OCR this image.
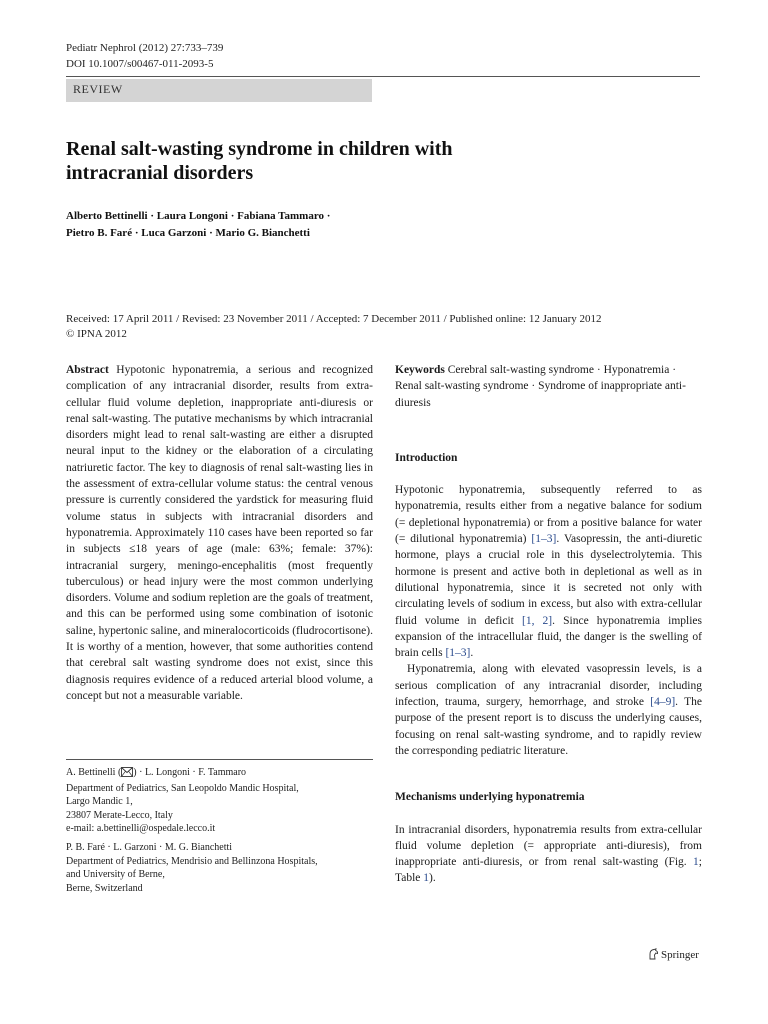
Pediatr Nephrol (2012) 27:733–739
DOI 10.1007/s00467-011-2093-5
REVIEW
Renal salt-wasting syndrome in children with intracranial disorders
Alberto Bettinelli · Laura Longoni · Fabiana Tammaro ·
Pietro B. Faré · Luca Garzoni · Mario G. Bianchetti
Received: 17 April 2011 / Revised: 23 November 2011 / Accepted: 7 December 2011 / Published online: 12 January 2012
© IPNA 2012

Abstract Hypotonic hyponatremia, a serious and recognized complication of any intracranial disorder, results from extra-cellular fluid volume depletion, inappropriate anti-diuresis or renal salt-wasting. The putative mechanisms by which intracranial disorders might lead to renal salt-wasting are either a disrupted neural input to the kidney or the elaboration of a circulating natriuretic factor. The key to diagnosis of renal salt-wasting lies in the assessment of extra-cellular volume status: the central venous pressure is currently considered the yardstick for measuring fluid volume status in subjects with intracranial disorders and hyponatremia. Approximately 110 cases have been reported so far in subjects ≤18 years of age (male: 63%; female: 37%): intracranial surgery, meningo-encephalitis (most frequently tuberculous) or head injury were the most common underlying disorders. Volume and sodium repletion are the goals of treatment, and this can be performed using some combination of isotonic saline, hypertonic saline, and mineralocorticoids (fludrocortisone). It is worthy of a mention, however, that some authorities contend that cerebral salt wasting syndrome does not exist, since this diagnosis requires evidence of a reduced arterial blood volume, a concept but not a measurable variable.

A. Bettinelli ( ) · L. Longoni · F. Tammaro
Department of Pediatrics, San Leopoldo Mandic Hospital,
Largo Mandic 1,
23807 Merate-Lecco, Italy
e-mail: a.bettinelli@ospedale.lecco.it
P. B. Faré · L. Garzoni · M. G. Bianchetti
Department of Pediatrics, Mendrisio and Bellinzona Hospitals,
and University of Berne,
Berne, Switzerland

Keywords Cerebral salt-wasting syndrome · Hyponatremia · Renal salt-wasting syndrome · Syndrome of inappropriate anti-diuresis

Introduction

Hypotonic hyponatremia, subsequently referred to as hyponatremia, results either from a negative balance for sodium (= depletional hyponatremia) or from a positive balance for water (= dilutional hyponatremia) [1–3]. Vasopressin, the anti-diuretic hormone, plays a crucial role in this dyselectrolytemia. This hormone is present and active both in depletional as well as in dilutional hyponatremia, since it is secreted not only with circulating levels of sodium in excess, but also with extra-cellular fluid volume in deficit [1, 2]. Since hyponatremia implies expansion of the intracellular fluid, the danger is the swelling of brain cells [1–3].

Hyponatremia, along with elevated vasopressin levels, is a serious complication of any intracranial disorder, including infection, trauma, surgery, hemorrhage, and stroke [4–9]. The purpose of the present report is to discuss the underlying causes, focusing on renal salt-wasting syndrome, and to rapidly review the corresponding pediatric literature.

Mechanisms underlying hyponatremia

In intracranial disorders, hyponatremia results from extra-cellular fluid volume depletion (= appropriate anti-diuresis), from inappropriate anti-diuresis, or from renal salt-wasting (Fig. 1; Table 1).

Springer
